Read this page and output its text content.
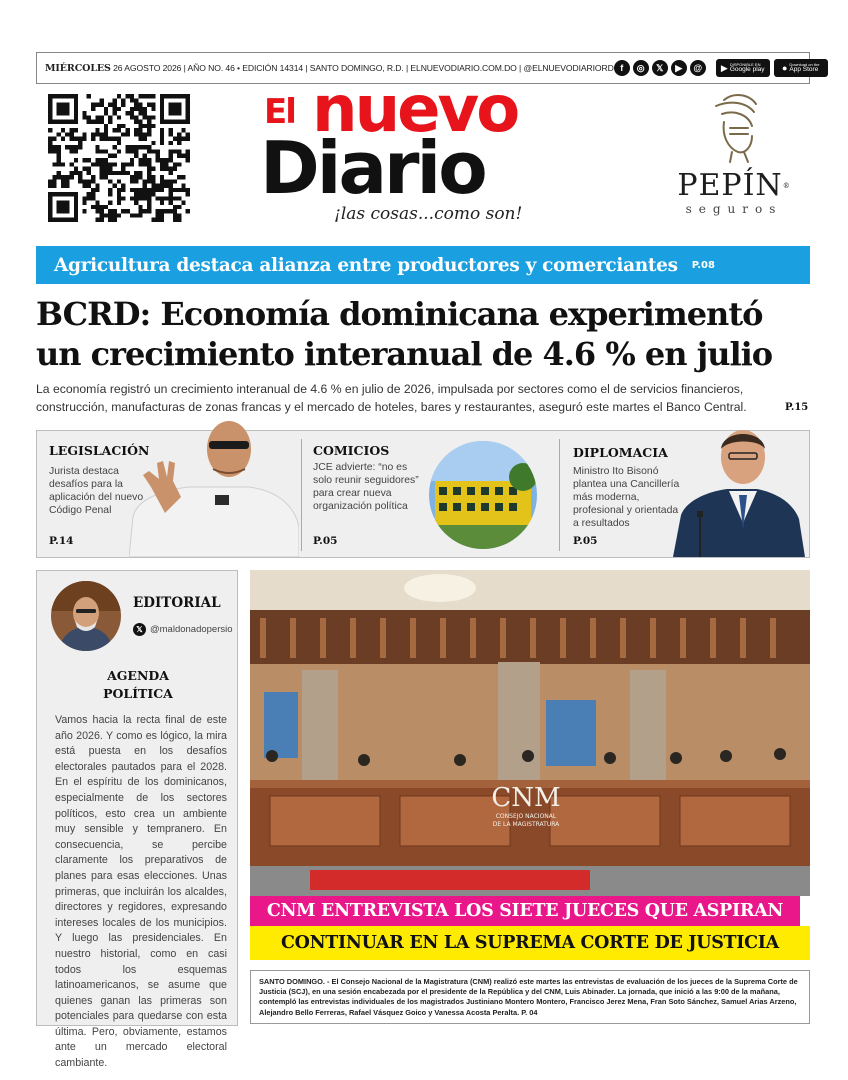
MIÉRCOLES 26 AGOSTO 2026 | AÑO NO. 46 • EDICIÓN 14314 | SANTO DOMINGO, R.D. | ELNUEVODIARIO.COM.DO | @ELNUEVODIARIORD f	◎	𝕏	▶	@	▶ DISPONIBLE EN
Google play ● Download on the
App Store
El nuevo
Diario
¡las cosas...como son!
PEPÍN®
seguros
Agricultura destaca alianza entre productores y comerciantes P.08
BCRD: Economía dominicana experimentó
un crecimiento interanual de 4.6 % en julio
La economía registró un crecimiento interanual de 4.6 % en julio de 2026, impulsada por sectores como el de servicios financieros, construcción, manufacturas de zonas francas y el mercado de hoteles, bares y restaurantes, aseguró este martes el Banco Central.	P.15
LEGISLACIÓN
Jurista destaca desafíos para la aplicación del nuevo Código Penal
P.14
COMICIOS
JCE advierte: “no es solo reunir seguidores” para crear nueva organización política
P.05
DIPLOMACIA
Ministro Ito Bisonó plantea una Cancillería más moderna, profesional y orientada a resultados
P.05
EDITORIAL
𝕏 @maldonadopersio
AGENDA
POLÍTICA
Vamos hacia la recta final de este año 2026. Y como es lógico, la mira está puesta en los desafíos electorales pautados para el 2028. En el espíritu de los dominicanos, especialmente de los sectores políticos, esto crea un ambiente muy sensible y tempranero. En consecuencia, se percibe claramente los preparativos de planes para esas elecciones. Unas primeras, que incluirán los alcaldes, directores y regidores, expresando intereses locales de los municipios. Y luego las presidenciales. En nuestro historial, como en casi todos los esquemas latinoamericanos, se asume que quienes ganan las primeras son potenciales para quedarse con esta última. Pero, obviamente, estamos ante un mercado electoral cambiante.
CNM
CONSEJO NACIONAL
DE LA MAGISTRATURA
CNM ENTREVISTA LOS SIETE JUECES QUE ASPIRAN
CONTINUAR EN LA SUPREMA CORTE DE JUSTICIA
SANTO DOMINGO. - El Consejo Nacional de la Magistratura (CNM) realizó este martes las entrevistas de evaluación de los jueces de la Suprema Corte de Justicia (SCJ), en una sesión encabezada por el presidente de la República y del CNM, Luis Abinader. La jornada, que inició a las 9:00 de la mañana, contempló las entrevistas individuales de los magistrados Justiniano Montero Montero, Francisco Jerez Mena, Fran Soto Sánchez, Samuel Arias Arzeno, Alejandro Bello Ferreras, Rafael Vásquez Goico y Vanessa Acosta Peralta. P. 04
